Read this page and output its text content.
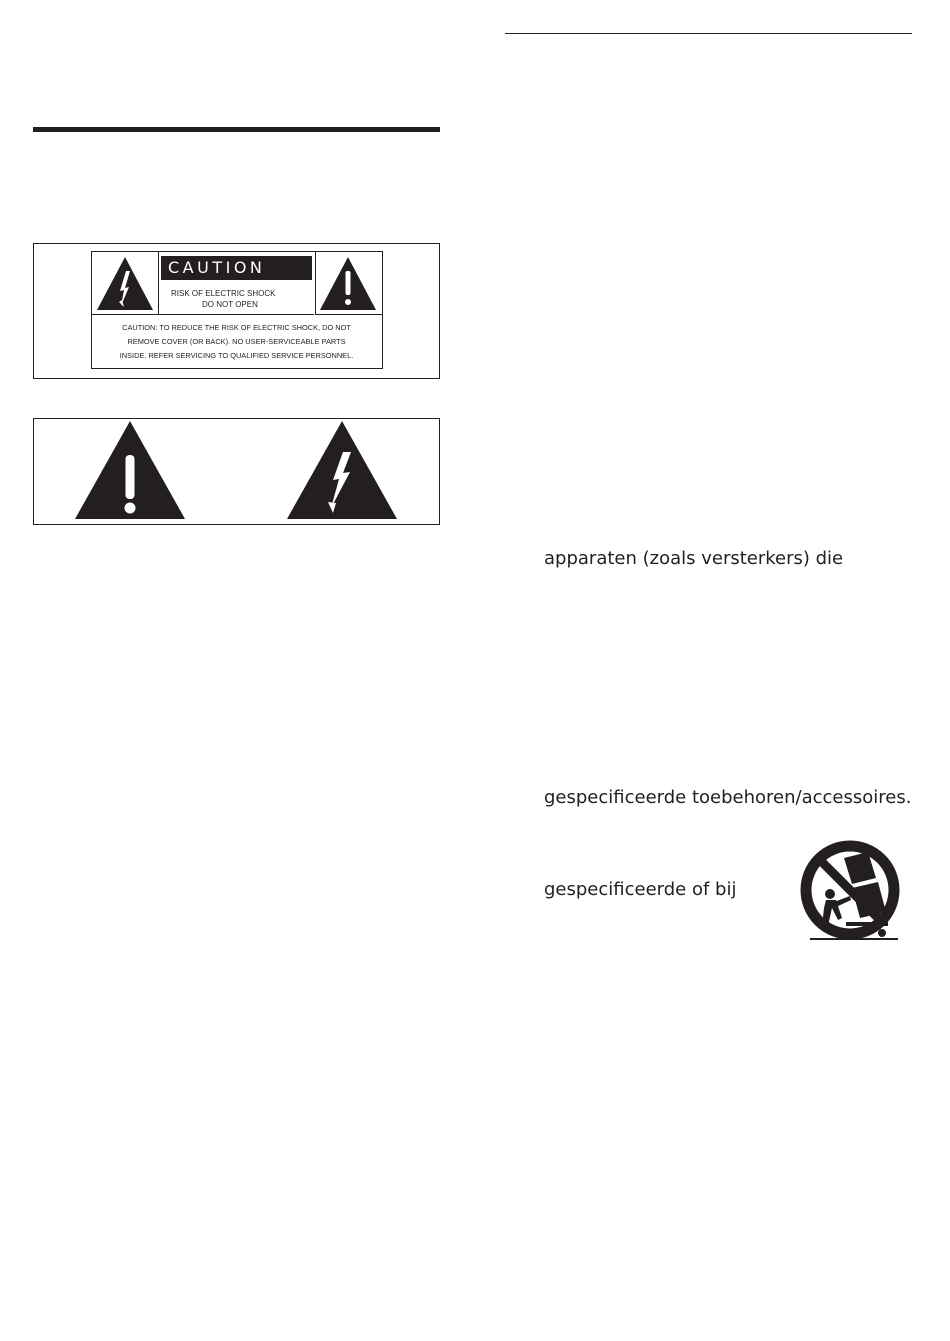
CAUTION
RISK OF ELECTRIC SHOCK
DO NOT OPEN
CAUTION: TO REDUCE THE RISK OF ELECTRIC SHOCK, DO NOT
REMOVE COVER (OR BACK). NO USER-SERVICEABLE PARTS
INSIDE. REFER SERVICING TO QUALIFIED SERVICE PERSONNEL.
apparaten (zoals versterkers) die
gespecificeerde toebehoren/accessoires.
gespecificeerde of bij
